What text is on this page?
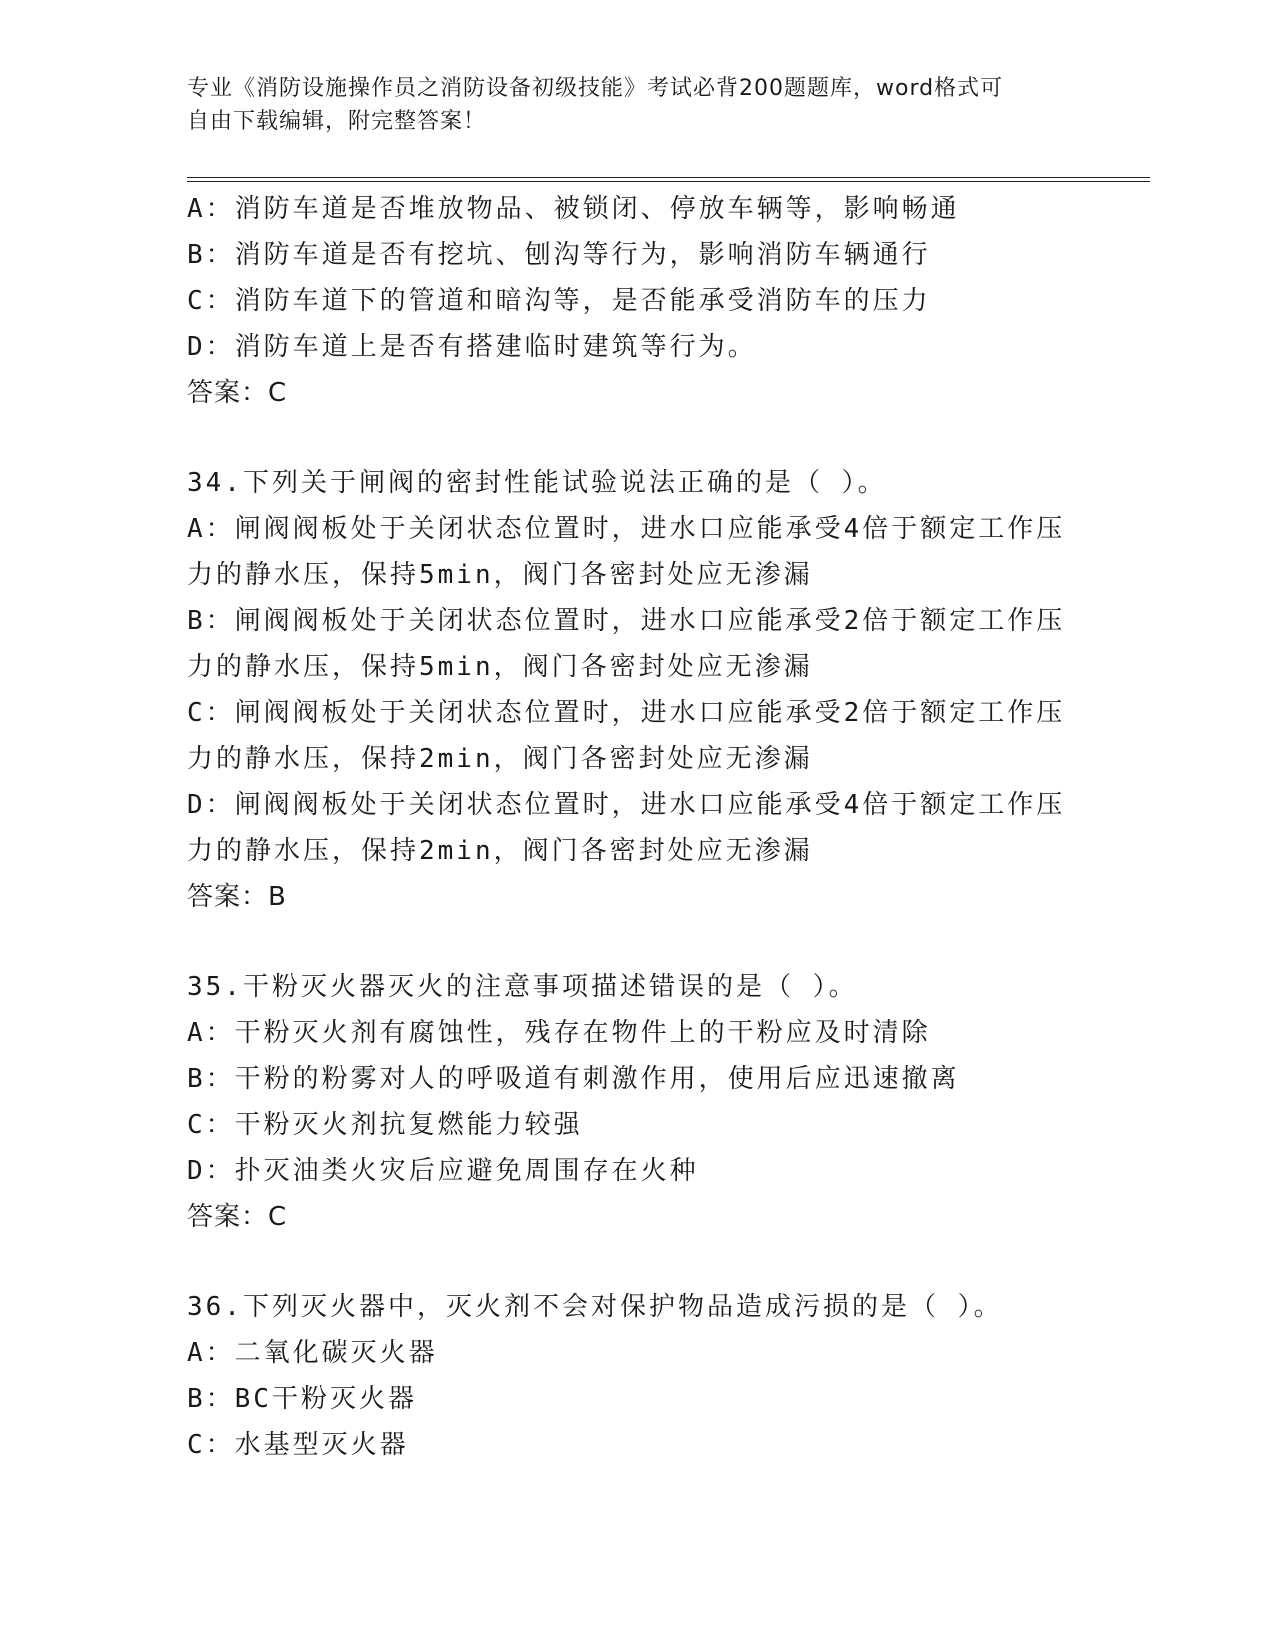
专业《消防设施操作员之消防设备初级技能》考试必背200题题库，word格式可
自由下载编辑，附完整答案！
A：消防车道是否堆放物品、被锁闭、停放车辆等，影响畅通
B：消防车道是否有挖坑、刨沟等行为，影响消防车辆通行
C：消防车道下的管道和暗沟等，是否能承受消防车的压力
D：消防车道上是否有搭建临时建筑等行为。
答案：C
34.下列关于闸阀的密封性能试验说法正确的是（ ）。
A：闸阀阀板处于关闭状态位置时，进水口应能承受4倍于额定工作压
力的静水压，保持5min，阀门各密封处应无渗漏
B：闸阀阀板处于关闭状态位置时，进水口应能承受2倍于额定工作压
力的静水压，保持5min，阀门各密封处应无渗漏
C：闸阀阀板处于关闭状态位置时，进水口应能承受2倍于额定工作压
力的静水压，保持2min，阀门各密封处应无渗漏
D：闸阀阀板处于关闭状态位置时，进水口应能承受4倍于额定工作压
力的静水压，保持2min，阀门各密封处应无渗漏
答案：B
35.干粉灭火器灭火的注意事项描述错误的是（ ）。
A：干粉灭火剂有腐蚀性，残存在物件上的干粉应及时清除
B：干粉的粉雾对人的呼吸道有刺激作用，使用后应迅速撤离
C：干粉灭火剂抗复燃能力较强
D：扑灭油类火灾后应避免周围存在火种
答案：C
36.下列灭火器中，灭火剂不会对保护物品造成污损的是（ ）。
A：二氧化碳灭火器
B：BC干粉灭火器
C：水基型灭火器
